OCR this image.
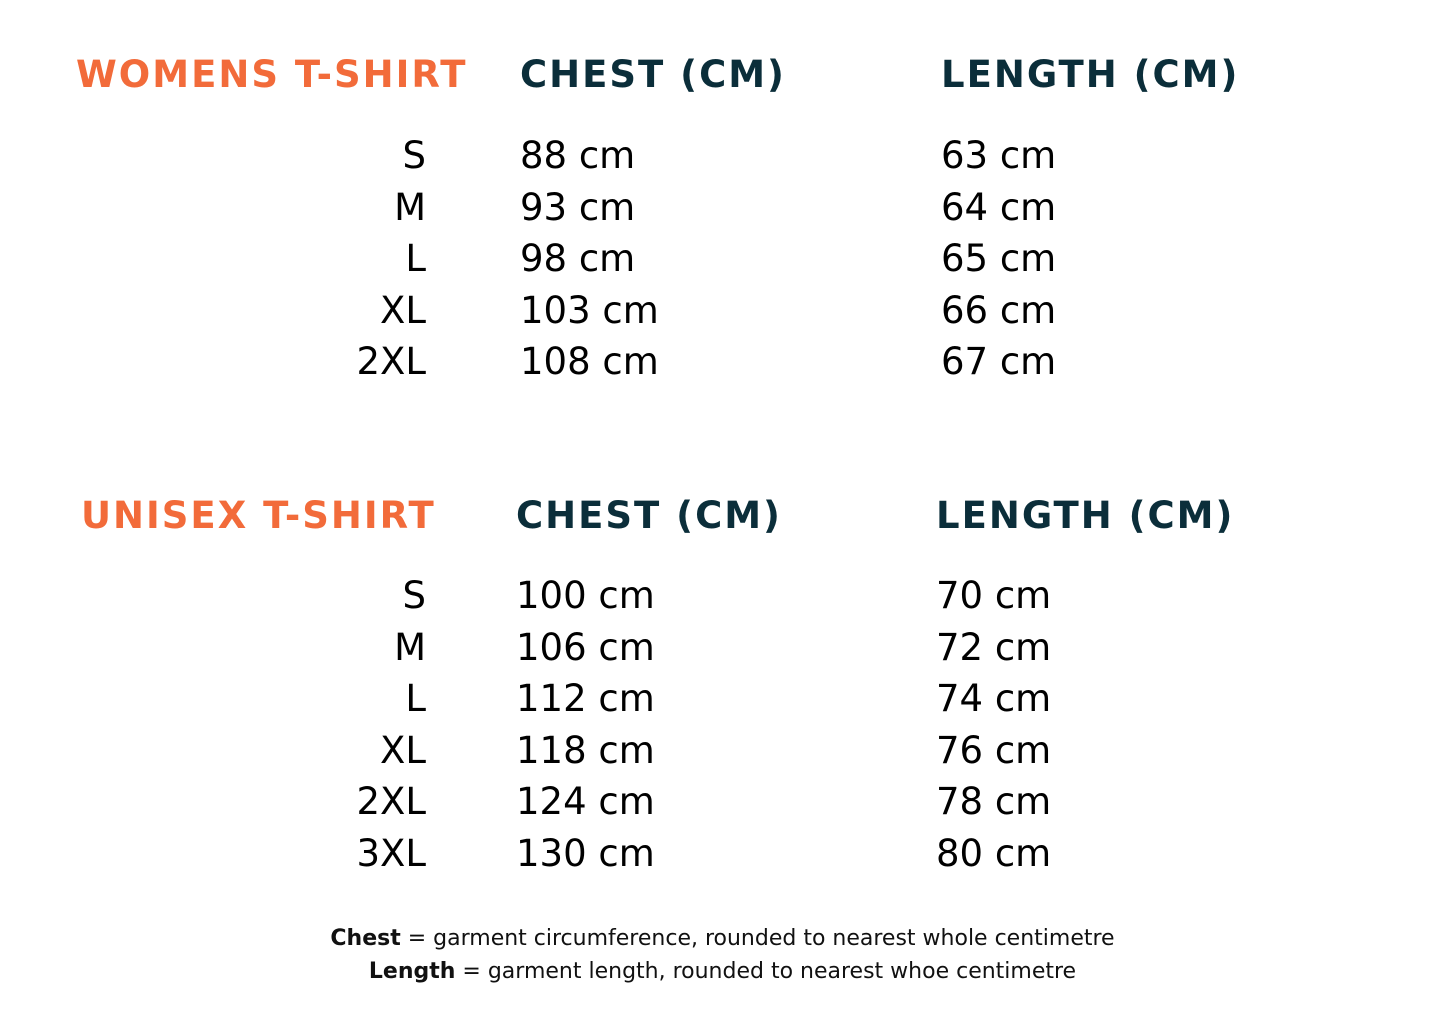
WOMENS T-SHIRT CHEST (CM)	LENGTH (CM)
S
M
L
XL
2XL
88 cm
93 cm
98 cm
103 cm
108 cm
63 cm
64 cm
65 cm
66 cm
67 cm
UNISEX T-SHIRT CHEST (CM)	LENGTH (CM)
S
M
L
XL
2XL
3XL
100 cm
106 cm
112 cm
118 cm
124 cm
130 cm
70 cm
72 cm
74 cm
76 cm
78 cm
80 cm
Chest = garment circumference, rounded to nearest whole centimetre
Length = garment length, rounded to nearest whoe centimetre
